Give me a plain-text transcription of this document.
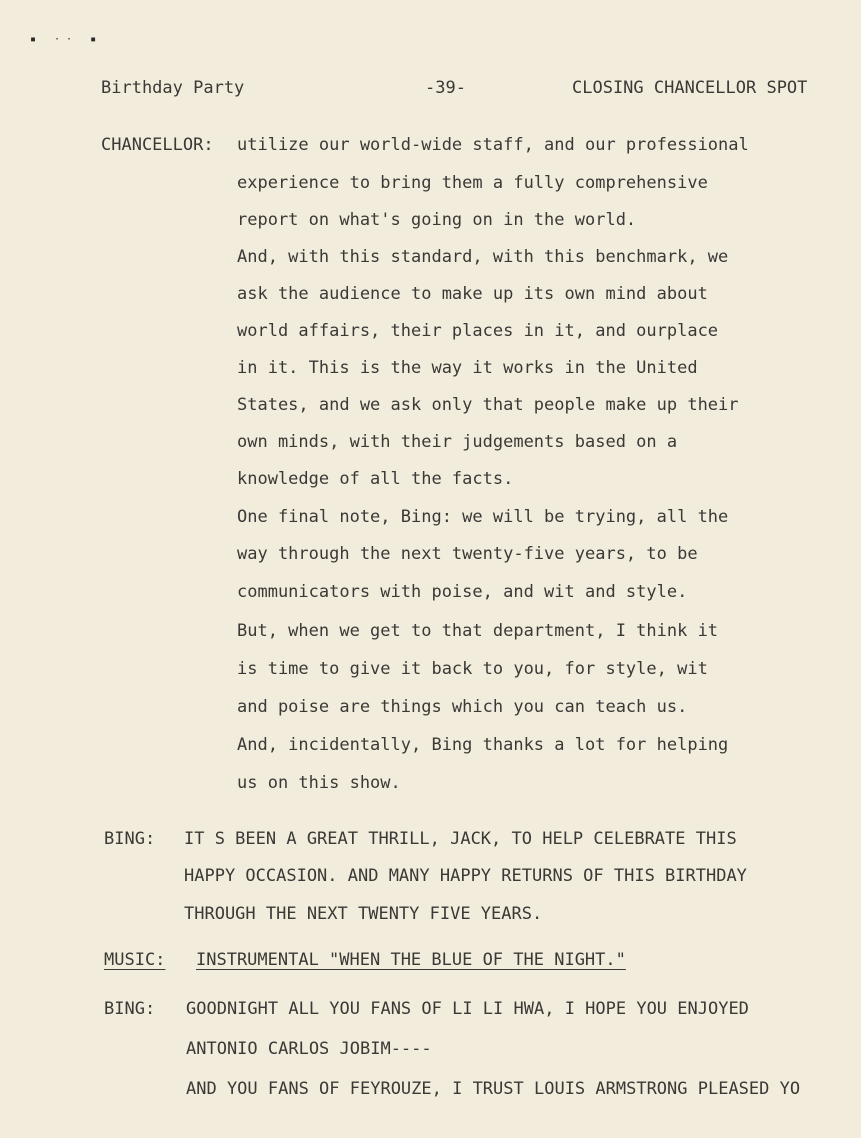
▪ ·· ▪
Birthday Party	-39-	CLOSING CHANCELLOR SPOT
CHANCELLOR: utilize our world-wide staff, and our professional
experience to bring them a fully comprehensive
report on what's going on in the world.
And, with this standard, with this benchmark, we
ask the audience to make up its own mind about
world affairs, their places in it, and ourplace
in it. This is the way it works in the United
States, and we ask only that people make up their
own minds, with their judgements based on a
knowledge of all the facts.
One final note, Bing: we will be trying, all the
way through the next twenty-five years, to be
communicators with poise, and wit and style.
But, when we get to that department, I think it
is time to give it back to you, for style, wit
and poise are things which you can teach us.
And, incidentally, Bing thanks a lot for helping
us on this show.
BING: IT S BEEN A GREAT THRILL, JACK, TO HELP CELEBRATE THIS
HAPPY OCCASION. AND MANY HAPPY RETURNS OF THIS BIRTHDAY
THROUGH THE NEXT TWENTY FIVE YEARS.
MUSIC: INSTRUMENTAL "WHEN THE BLUE OF THE NIGHT."
BING: GOODNIGHT ALL YOU FANS OF LI LI HWA, I HOPE YOU ENJOYED
ANTONIO CARLOS JOBIM----
AND YOU FANS OF FEYROUZE, I TRUST LOUIS ARMSTRONG PLEASED YO
